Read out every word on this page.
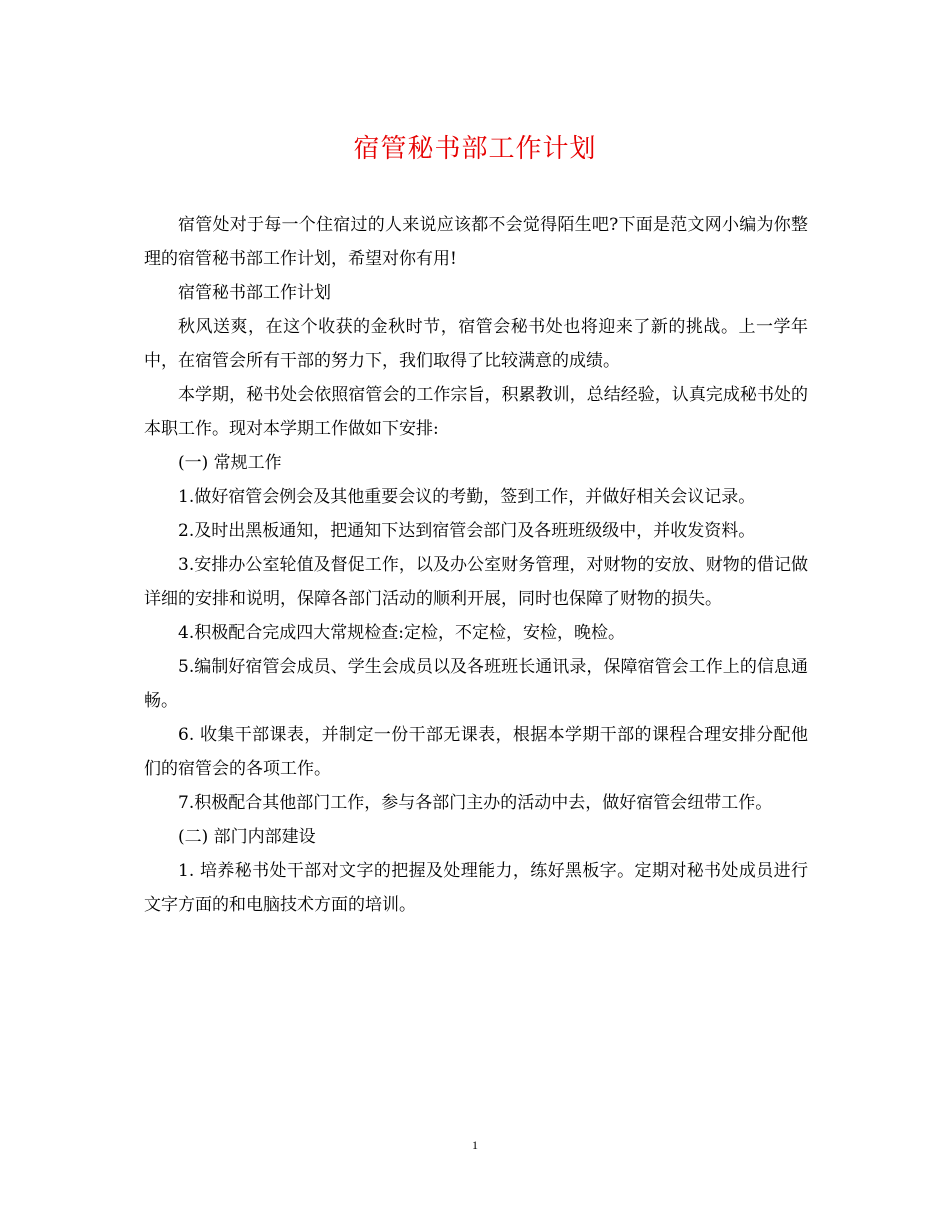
宿管秘书部工作计划

宿管处对于每一个住宿过的人来说应该都不会觉得陌生吧?下面是范文网小编为你整理的宿管秘书部工作计划，希望对你有用!

宿管秘书部工作计划

秋风送爽，在这个收获的金秋时节，宿管会秘书处也将迎来了新的挑战。上一学年中，在宿管会所有干部的努力下，我们取得了比较满意的成绩。

本学期，秘书处会依照宿管会的工作宗旨，积累教训，总结经验，认真完成秘书处的本职工作。现对本学期工作做如下安排:

(一) 常规工作

1.做好宿管会例会及其他重要会议的考勤，签到工作，并做好相关会议记录。

2.及时出黑板通知，把通知下达到宿管会部门及各班班级级中，并收发资料。

3.安排办公室轮值及督促工作，以及办公室财务管理，对财物的安放、财物的借记做详细的安排和说明，保障各部门活动的顺利开展，同时也保障了财物的损失。

4.积极配合完成四大常规检查:定检，不定检，安检，晚检。

5.编制好宿管会成员、学生会成员以及各班班长通讯录，保障宿管会工作上的信息通畅。

6. 收集干部课表，并制定一份干部无课表，根据本学期干部的课程合理安排分配他们的宿管会的各项工作。

7.积极配合其他部门工作，参与各部门主办的活动中去，做好宿管会纽带工作。

(二) 部门内部建设

1. 培养秘书处干部对文字的把握及处理能力，练好黑板字。定期对秘书处成员进行文字方面的和电脑技术方面的培训。

1
